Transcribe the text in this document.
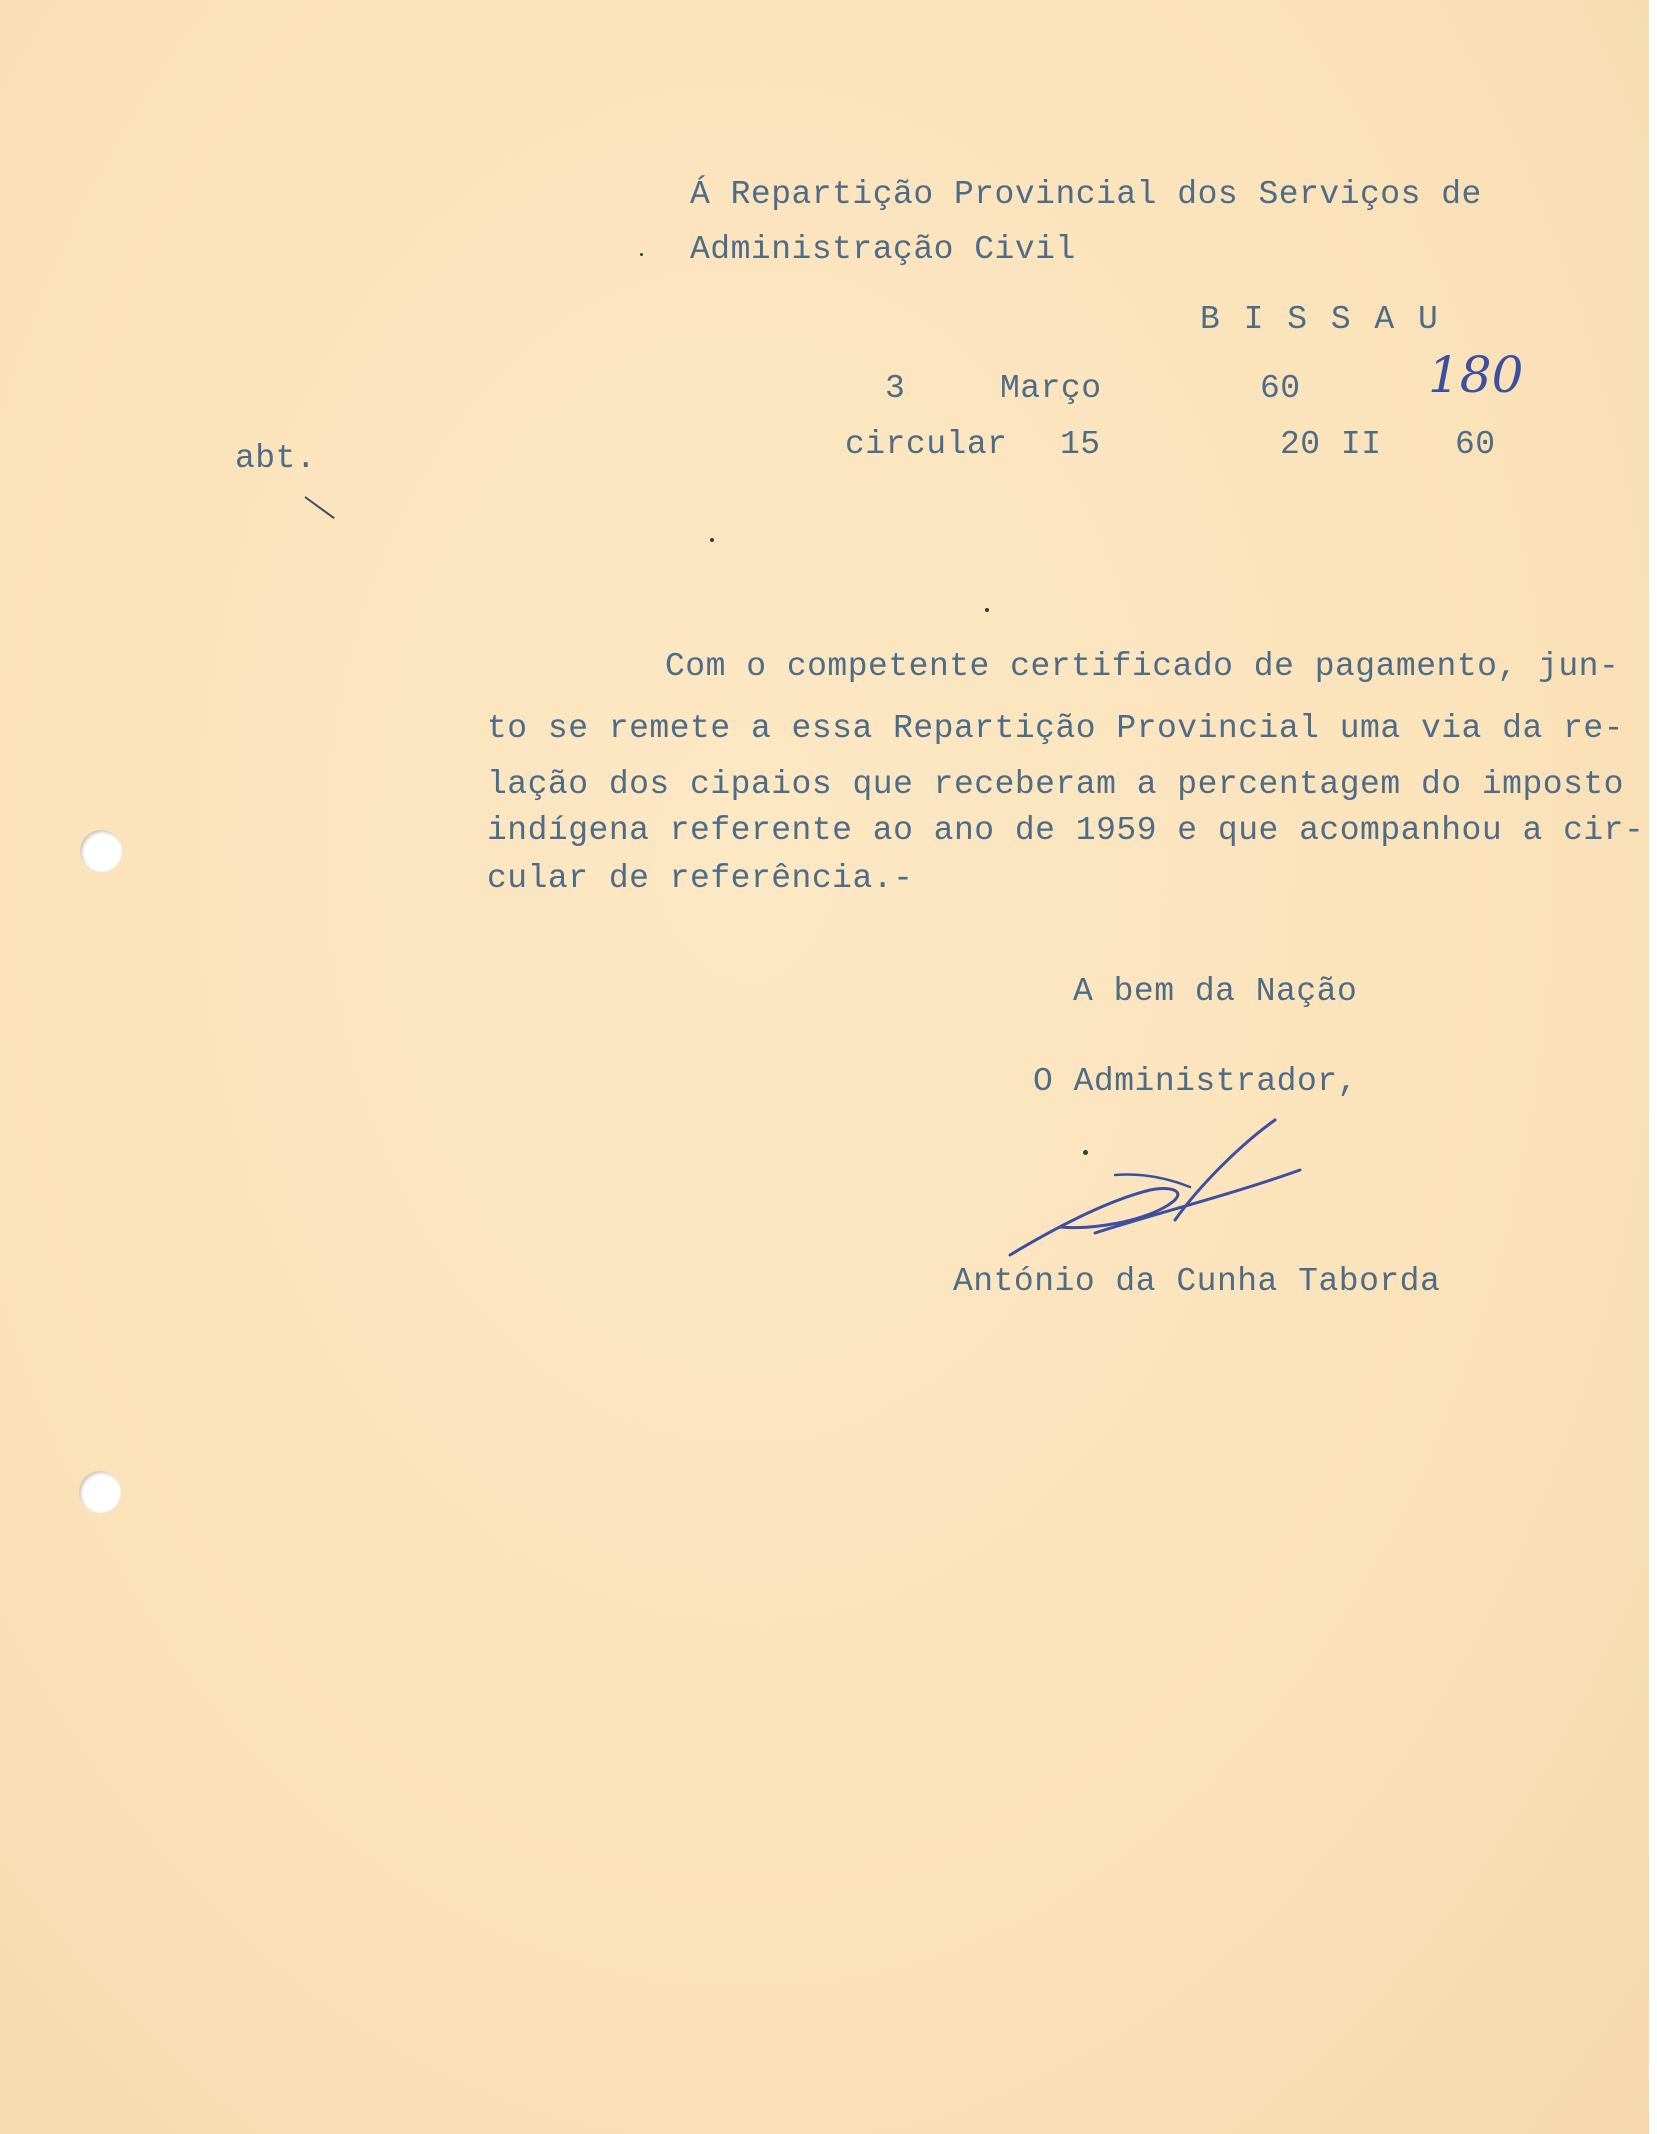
Á Repartição Provincial dos Serviços de
Administração Civil
B I S S A U
3	Março	60	180
abt.	circular 15	20 II 60
Com o competente certificado de pagamento, jun-
to se remete a essa Repartição Provincial uma via da re-
lação dos cipaios que receberam a percentagem do imposto
indígena referente ao ano de 1959 e que acompanhou a cir-
cular de referência.-
A bem da Nação
O Administrador,
António da Cunha Taborda
